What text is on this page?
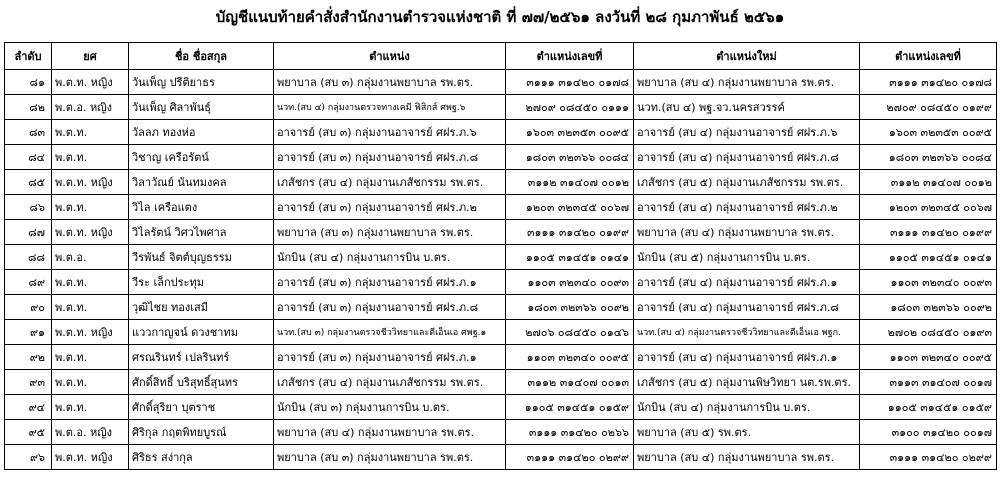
บัญชีแนบท้ายคำสั่งสำนักงานตำรวจแห่งชาติ ที่ ๗๗/๒๕๖๑ ลงวันที่ ๒๘ กุมภาพันธ์ ๒๕๖๑
ลำดับ	ยศ	ชื่อ ชื่อสกุล	ตำแหน่ง	ตำแหน่งเลขที่	ตำแหน่งใหม่	ตำแหน่งเลขที่
๘๑	พ.ต.ท. หญิง	วันเพ็ญ ปรีติยาธร	พยาบาล (สบ ๓) กลุ่มงานพยาบาล รพ.ตร.	๓๑๑๑ ๓๑๔๒๐ ๐๑๗๘	พยาบาล (สบ ๔) กลุ่มงานพยาบาล รพ.ตร.	๓๑๑๑ ๓๑๔๒๐ ๐๑๗๘
๘๒	พ.ต.อ. หญิง	วันเพ็ญ ศิลาพันธุ์	นวท.(สบ ๔) กลุ่มงานตรวจทางเคมี ฟิสิกส์ ศพฐ.๖	๒๗๐๙ ๐๘๔๕๐ ๐๑๑๑	นวท.(สบ ๔) พฐ.จว.นครสวรรค์	๒๗๐๙ ๐๘๔๕๐ ๐๑๙๙
๘๓	พ.ต.ท.	วัลลภ ทองห่อ	อาจารย์ (สบ ๓) กลุ่มงานอาจารย์ ศฝร.ภ.๖	๑๖๐๓ ๓๒๓๕๓ ๐๐๙๕	อาจารย์ (สบ ๔) กลุ่มงานอาจารย์ ศฝร.ภ.๖	๑๖๐๓ ๓๒๓๕๓ ๐๐๙๕
๘๔	พ.ต.ท.	วิชาญ เครือรัตน์	อาจารย์ (สบ ๓) กลุ่มงานอาจารย์ ศฝร.ภ.๘	๑๘๐๓ ๓๒๓๖๖ ๐๐๘๔	อาจารย์ (สบ ๔) กลุ่มงานอาจารย์ ศฝร.ภ.๘	๑๘๐๓ ๓๒๓๖๖ ๐๐๘๔
๘๕	พ.ต.ท. หญิง	วิลาวัณย์ นันทมงคล	เภสัชกร (สบ ๔) กลุ่มงานเภสัชกรรม รพ.ตร.	๓๑๑๒ ๓๑๔๐๗ ๐๐๑๒	เภสัชกร (สบ ๕) กลุ่มงานเภสัชกรรม รพ.ตร.	๓๑๑๒ ๓๑๔๐๗ ๐๐๑๒
๘๖	พ.ต.ท.	วิไล เครือแตง	อาจารย์ (สบ ๓) กลุ่มงานอาจารย์ ศฝร.ภ.๒	๑๒๐๓ ๓๒๓๔๕ ๐๐๖๗	อาจารย์ (สบ ๔) กลุ่มงานอาจารย์ ศฝร.ภ.๒	๑๒๐๓ ๓๒๓๔๕ ๐๐๖๗
๘๗	พ.ต.ท. หญิง	วิไลรัตน์ วิศวไพศาล	พยาบาล (สบ ๓) กลุ่มงานพยาบาล รพ.ตร.	๓๑๑๑ ๓๑๔๒๐ ๐๑๙๙	พยาบาล (สบ ๔) กลุ่มงานพยาบาล รพ.ตร.	๓๑๑๑ ๓๑๔๒๐ ๐๑๙๙
๘๘	พ.ต.อ.	วีรพันธ์ จิตต์บุญธรรม	นักบิน (สบ ๔) กลุ่มงานการบิน บ.ตร.	๑๑๐๕ ๓๑๔๕๑ ๐๑๔๑	นักบิน (สบ ๕) กลุ่มงานการบิน บ.ตร.	๑๑๐๕ ๓๑๔๕๑ ๐๑๔๑
๘๙	พ.ต.ท.	วีระ เล็กประทุม	อาจารย์ (สบ ๓) กลุ่มงานอาจารย์ ศฝร.ภ.๑	๑๑๐๓ ๓๒๓๔๐ ๐๐๙๓	อาจารย์ (สบ ๔) กลุ่มงานอาจารย์ ศฝร.ภ.๑	๑๑๐๓ ๓๒๓๔๐ ๐๐๙๓
๙๐	พ.ต.ท.	วุฒิไชย ทองเสมี	อาจารย์ (สบ ๓) กลุ่มงานอาจารย์ ศฝร.ภ.๘	๑๘๐๓ ๓๒๓๖๖ ๐๐๙๒	อาจารย์ (สบ ๔) กลุ่มงานอาจารย์ ศฝร.ภ.๘	๑๘๐๓ ๓๒๓๖๖ ๐๐๙๒
๙๑	พ.ต.ท. หญิง	แววกาญจน์ ดวงชาทม	นวท.(สบ ๓) กลุ่มงานตรวจชีววิทยาและดีเอ็นเอ ศพฐ.๑	๒๗๐๖ ๐๘๔๕๐ ๐๑๔๖	นวท.(สบ ๔) กลุ่มงานตรวจชีววิทยาและดีเอ็นเอ พฐก.	๒๗๐๒ ๐๘๔๕๐ ๐๑๙๓
๙๒	พ.ต.ท.	ศรณรินทร์ เปลรินทร์	อาจารย์ (สบ ๓) กลุ่มงานอาจารย์ ศฝร.ภ.๑	๑๑๐๓ ๓๒๓๔๐ ๐๐๙๕	อาจารย์ (สบ ๔) กลุ่มงานอาจารย์ ศฝร.ภ.๑	๑๑๐๓ ๓๒๓๔๐ ๐๐๙๕
๙๓	พ.ต.ท.	ศักดิ์สิทธิ์ บริสุทธิ์สุนทร	เภสัชกร (สบ ๔) กลุ่มงานเภสัชกรรม รพ.ตร.	๓๑๑๒ ๓๑๔๐๗ ๐๐๑๓	เภสัชกร (สบ ๕) กลุ่มงานพิษวิทยา นต.รพ.ตร.	๓๑๑๓ ๓๑๔๐๗ ๐๐๑๗
๙๔	พ.ต.ท.	ศักดิ์สุริยา บุตราช	นักบิน (สบ ๓) กลุ่มงานการบิน บ.ตร.	๑๑๐๕ ๓๑๔๕๑ ๐๑๕๙	นักบิน (สบ ๔) กลุ่มงานการบิน บ.ตร.	๑๑๐๕ ๓๑๔๕๑ ๐๑๕๙
๙๕	พ.ต.อ. หญิง	ศิริกุล กฤตพิทยบูรณ์	พยาบาล (สบ ๔) กลุ่มงานพยาบาล รพ.ตร.	๓๑๑๑ ๓๑๔๒๐ ๐๒๖๖	พยาบาล (สบ ๕) รพ.ตร.	๓๑๐๐ ๓๑๔๒๐ ๐๐๑๗
๙๖	พ.ต.ท. หญิง	ศิริธร สง่ากุล	พยาบาล (สบ ๓) กลุ่มงานพยาบาล รพ.ตร.	๓๑๑๑ ๓๑๔๒๐ ๐๒๙๙	พยาบาล (สบ ๔) กลุ่มงานพยาบาล รพ.ตร.	๓๑๑๑ ๓๑๔๒๐ ๐๒๙๙
